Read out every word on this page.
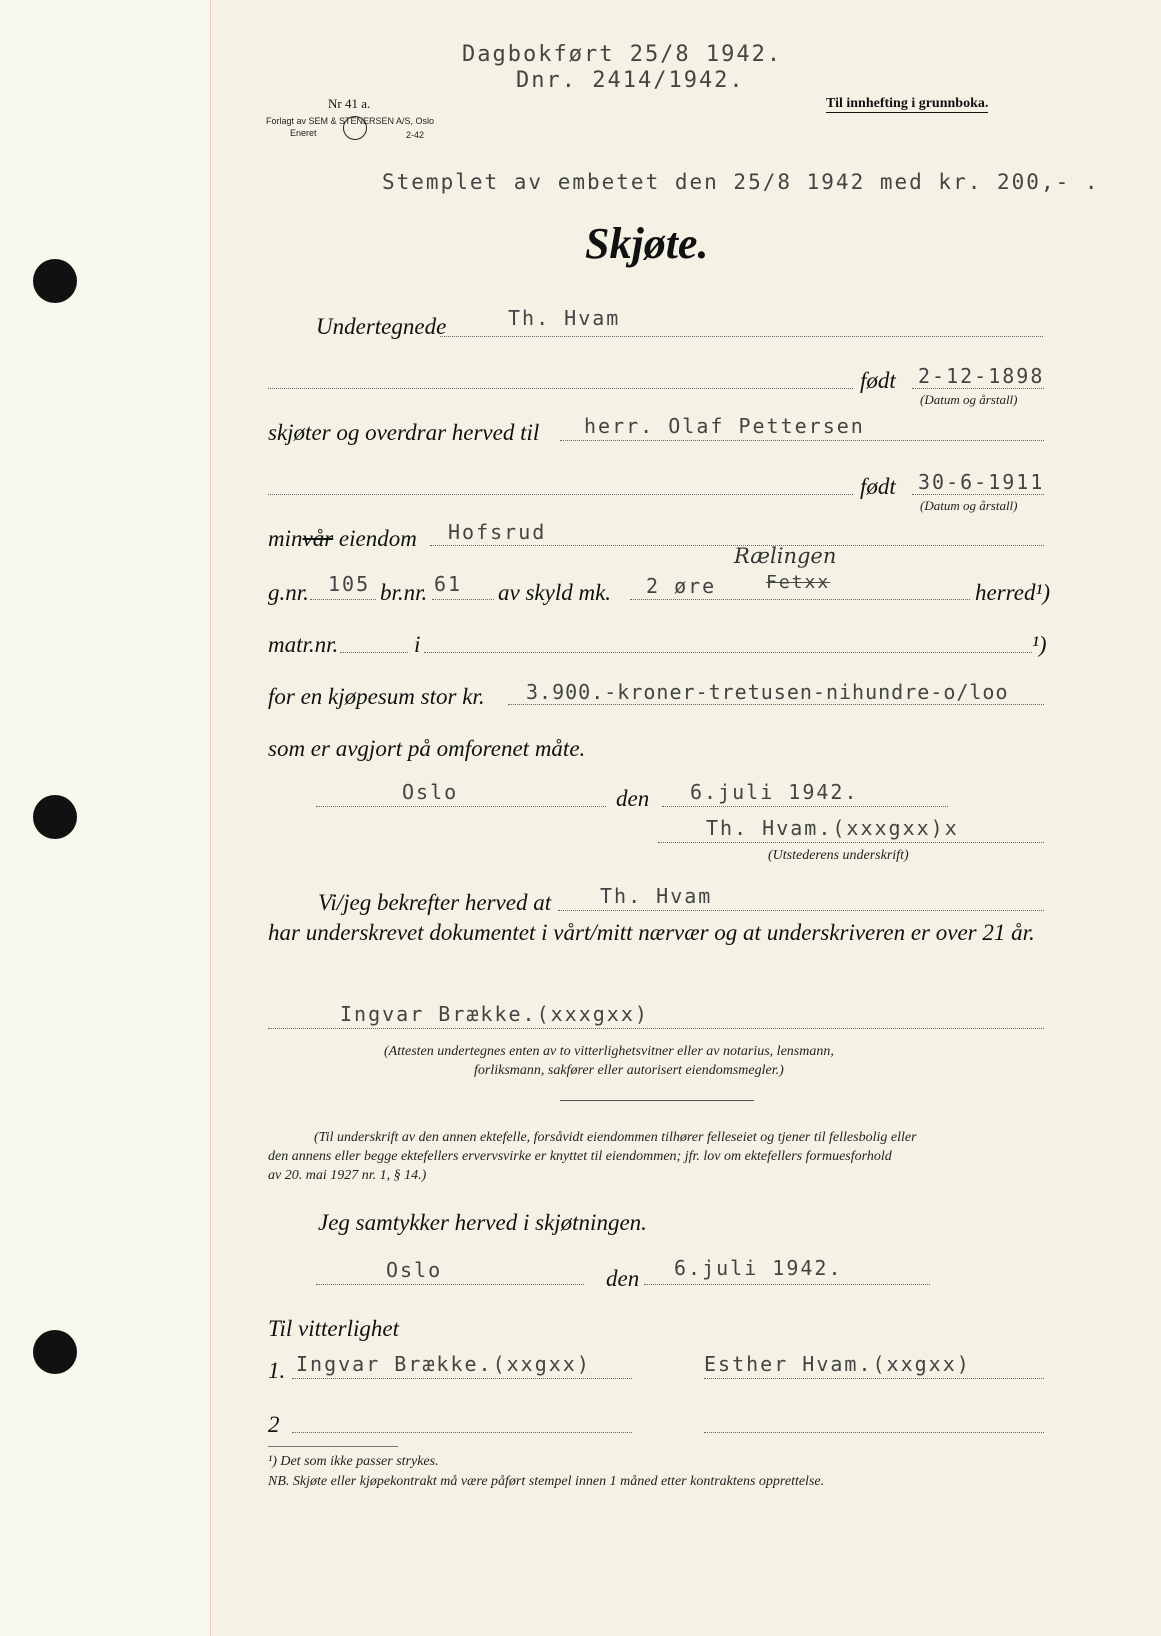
Dagbokført 25/8 1942.
Dnr. 2414/1942.
Nr 41 a.
Forlagt av SEM & STENERSEN A/S, Oslo
Eneret	2-42
Til innhefting i grunnboka.
Stemplet av embetet den 25/8 1942 med kr. 200,- .
Skjøte.
Undertegnede	Th. Hvam
født 2-12-1898
(Datum og årstall)
skjøter og overdrar herved til herr. Olaf Pettersen
født 30-6-1911
(Datum og årstall)
minvår eiendom Hofsrud
g.nr. 105 br.nr. 61 av skyld mk. 2 øre
Rælingen
Fetxx	herred¹)
matr.nr.	i	¹)
for en kjøpesum stor kr. 3.900.-kroner-tretusen-nihundre-o/loo
som er avgjort på omforenet måte.
Oslo	den 6.juli 1942.
Th. Hvam.(xxxgxx)x
(Utstederens underskrift)
Vi/jeg bekrefter herved at Th. Hvam
har underskrevet dokumentet i vårt/mitt nærvær og at underskriveren er over 21 år.
Ingvar Brække.(xxxgxx)
(Attesten undertegnes enten av to vitterlighetsvitner eller av notarius, lensmann,
forliksmann, sakfører eller autorisert eiendomsmegler.)
(Til underskrift av den annen ektefelle, forsåvidt eiendommen tilhører felleseiet og tjener til fellesbolig eller
den annens eller begge ektefellers ervervsvirke er knyttet til eiendommen; jfr. lov om ektefellers formuesforhold
av 20. mai 1927 nr. 1, § 14.)
Jeg samtykker herved i skjøtningen.
Oslo	den 6.juli 1942.
Til vitterlighet
1. Ingvar Brække.(xxgxx)	Esther Hvam.(xxgxx)
2
¹) Det som ikke passer strykes.
NB. Skjøte eller kjøpekontrakt må være påført stempel innen 1 måned etter kontraktens opprettelse.
